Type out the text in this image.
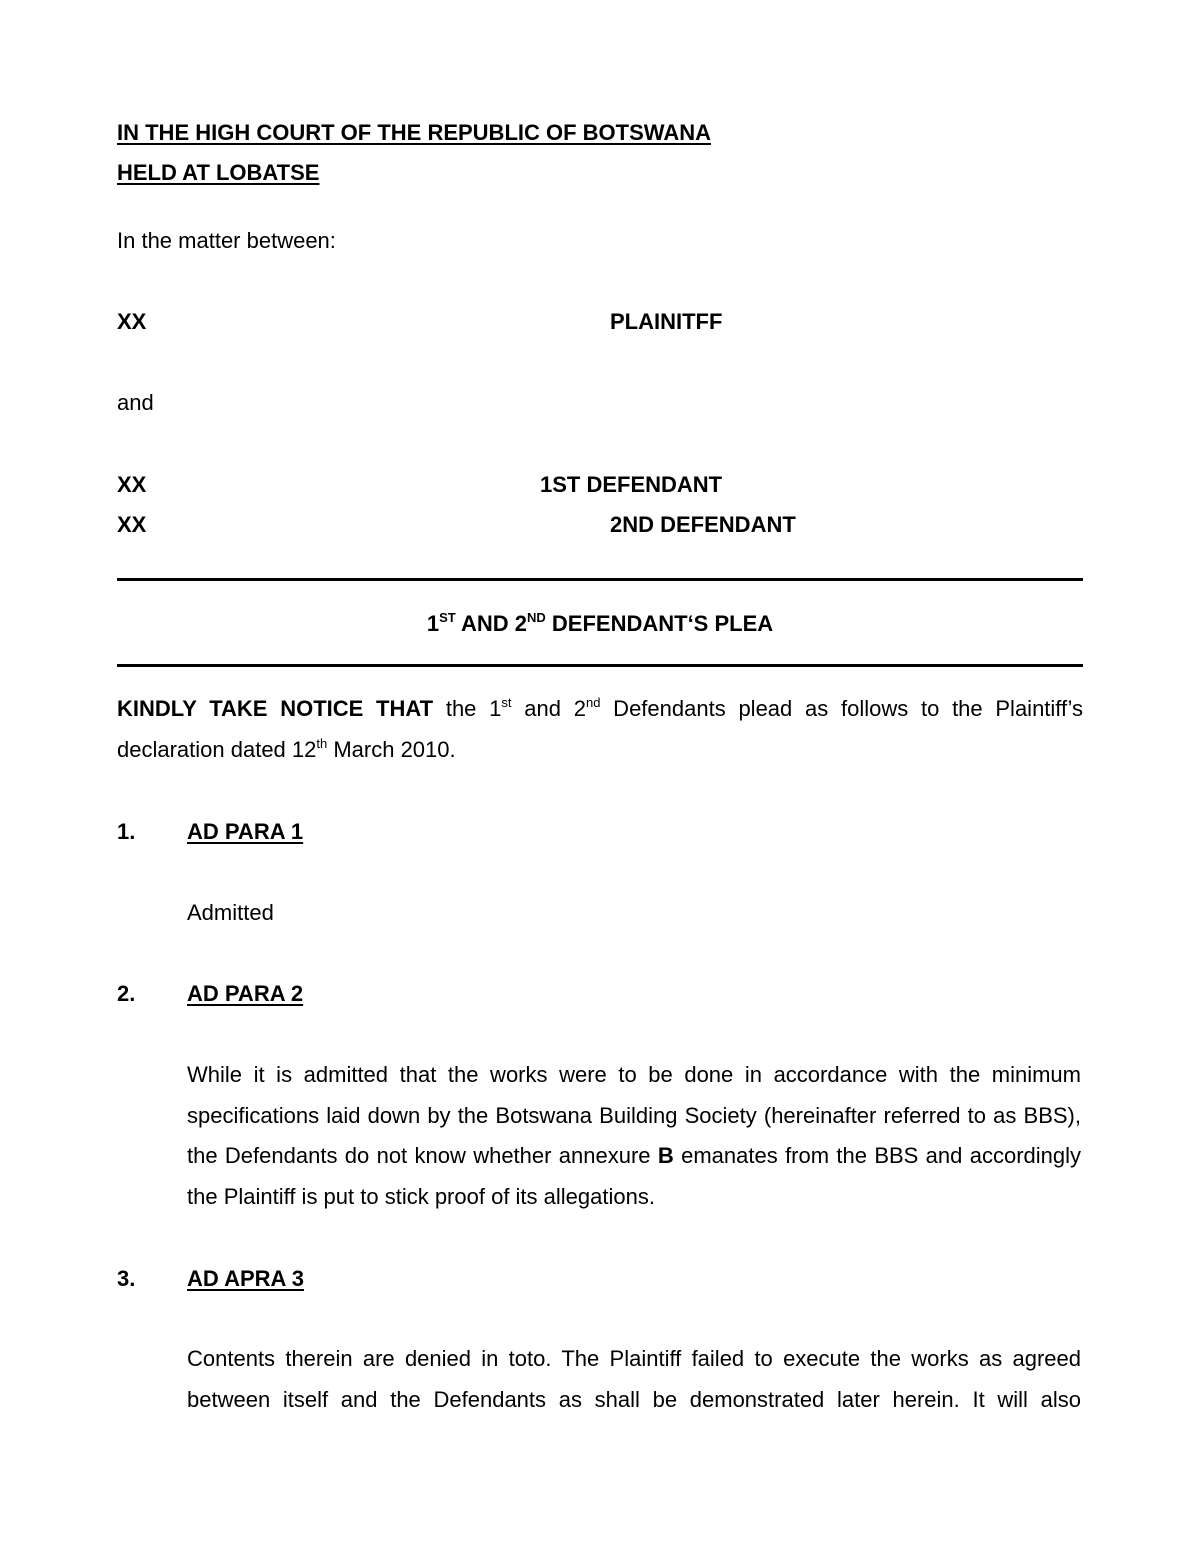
IN THE HIGH COURT OF THE REPUBLIC OF BOTSWANA
HELD AT LOBATSE
In the matter between:
XX	PLAINITFF
and
XX	1ST DEFENDANT
XX	2ND DEFENDANT
1ST AND 2ND DEFENDANT‘S PLEA
KINDLY TAKE NOTICE THAT the 1st and 2nd Defendants plead as follows to the Plaintiff’s declaration dated 12th March 2010.
1. AD PARA 1
Admitted
2. AD PARA 2
While it is admitted that the works were to be done in accordance with the minimum specifications laid down by the Botswana Building Society (hereinafter referred to as BBS), the Defendants do not know whether annexure B emanates from the BBS and accordingly the Plaintiff is put to stick proof of its allegations.
3. AD APRA 3
Contents therein are denied in toto. The Plaintiff failed to execute the works as agreed between itself and the Defendants as shall be demonstrated later herein. It will also
